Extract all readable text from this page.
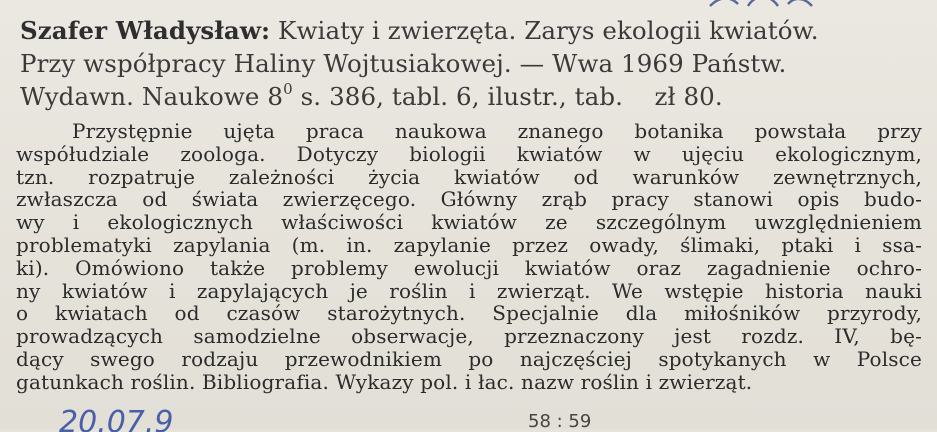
Szafer Władysław: Kwiaty i zwierzęta. Zarys ekologii kwiatów.
Przy współpracy Haliny Wojtusiakowej. — Wwa 1969 Państw.
Wydawn. Naukowe $8^0$ s. 386, tabl. 6, ilustr., tab.    zł 80.
Przystępnie ujęta praca naukowa znanego botanika powstała przy
współudziale zoologa. Dotyczy biologii kwiatów w ujęciu ekologicznym,
tzn. rozpatruje zależności życia kwiatów od warunków zewnętrznych,
zwłaszcza od świata zwierzęcego. Główny zrąb pracy stanowi opis budo-
wy i ekologicznych właściwości kwiatów ze szczególnym uwzględnieniem
problematyki zapylania (m. in. zapylanie przez owady, ślimaki, ptaki i ssa-
ki). Omówiono także problemy ewolucji kwiatów oraz zagadnienie ochro-
ny kwiatów i zapylających je roślin i zwierząt. We wstępie historia nauki
o kwiatach od czasów starożytnych. Specjalnie dla miłośników przyrody,
prowadzących samodzielne obserwacje, przeznaczony jest rozdz. IV, bę-
dący swego rodzaju przewodnikiem po najczęściej spotykanych w Polsce
gatunkach roślin. Bibliografia. Wykazy pol. i łac. nazw roślin i zwierząt.
20.07.9	58 : 59
